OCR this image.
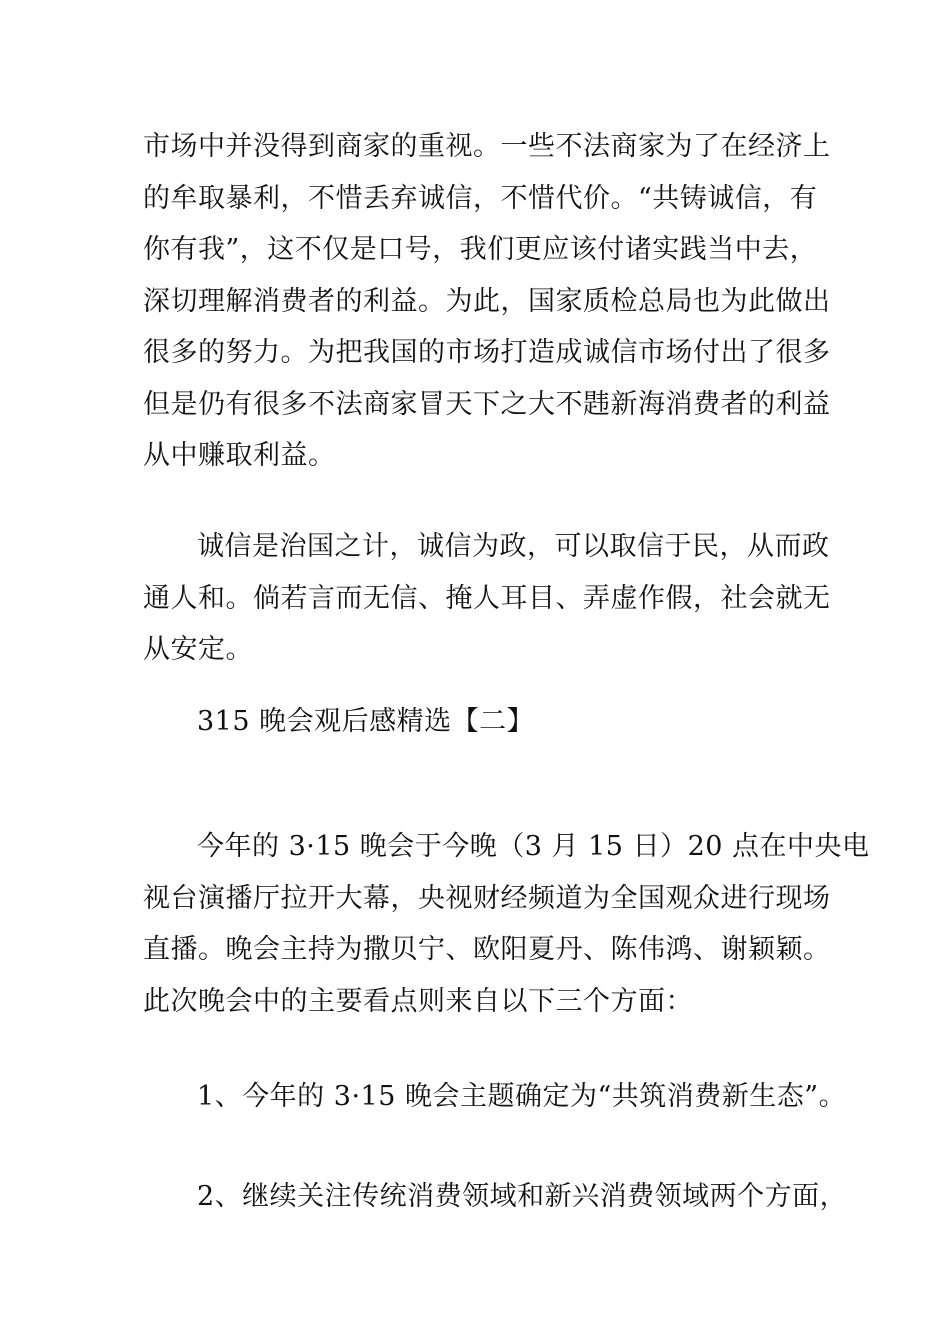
市场中并没得到商家的重视。一些不法商家为了在经济上
的牟取暴利，不惜丢弃诚信，不惜代价。“共铸诚信，有
你有我”，这不仅是口号，我们更应该付诸实践当中去，
深切理解消费者的利益。为此，国家质检总局也为此做出
很多的努力。为把我国的市场打造成诚信市场付出了很多
但是仍有很多不法商家冒天下之大不韪新海消费者的利益
从中赚取利益。
诚信是治国之计，诚信为政，可以取信于民，从而政
通人和。倘若言而无信、掩人耳目、弄虚作假，社会就无
从安定。
315 晚会观后感精选【二】
今年的 3·15 晚会于今晚（3 月 15 日）20 点在中央电
视台演播厅拉开大幕，央视财经频道为全国观众进行现场
直播。晚会主持为撒贝宁、欧阳夏丹、陈伟鸿、谢颖颖。
此次晚会中的主要看点则来自以下三个方面：
1、今年的 3·15 晚会主题确定为“共筑消费新生态”。
2、继续关注传统消费领域和新兴消费领域两个方面，
